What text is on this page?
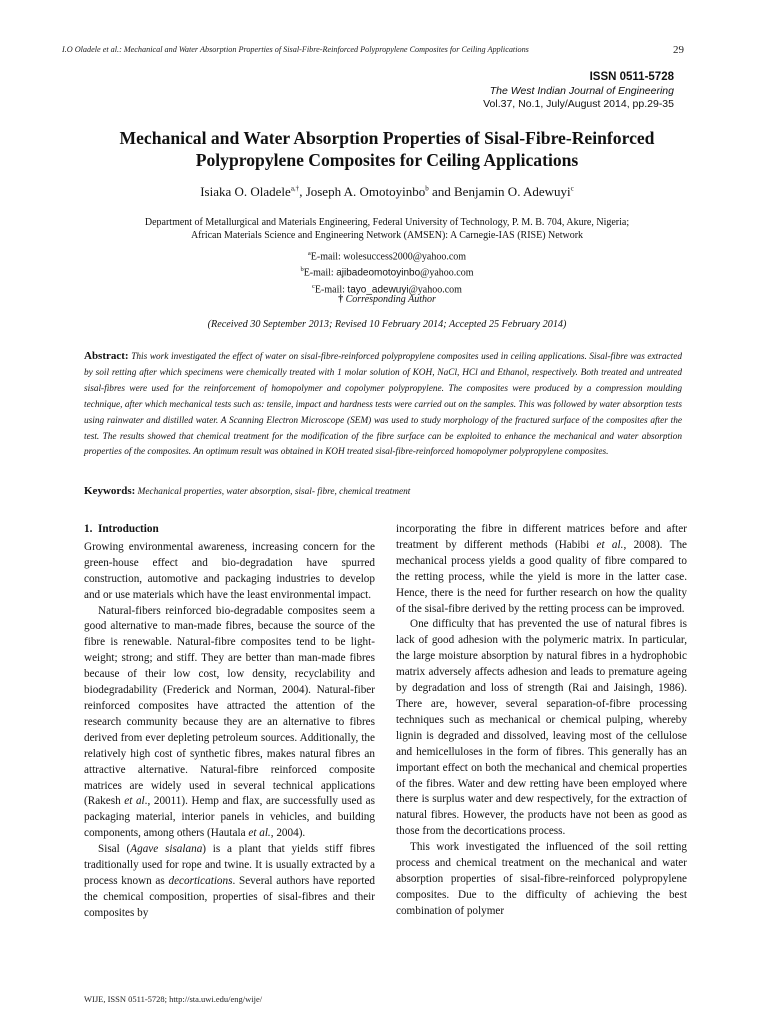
I.O Oladele et al.: Mechanical and Water Absorption Properties of Sisal-Fibre-Reinforced Polypropylene Composites for Ceiling Applications	29
ISSN 0511-5728
The West Indian Journal of Engineering
Vol.37, No.1, July/August 2014, pp.29-35
Mechanical and Water Absorption Properties of Sisal-Fibre-Reinforced
Polypropylene Composites for Ceiling Applications
Isiaka O. Oladele$^{a,\dagger}$, Joseph A. Omotoyinbo$^b$ and Benjamin O. Adewuyi$^c$
Department of Metallurgical and Materials Engineering, Federal University of Technology, P. M. B. 704, Akure, Nigeria;
African Materials Science and Engineering Network (AMSEN): A Carnegie-IAS (RISE) Network
$^a$E-mail: wolesuccess2000@yahoo.com
$^b$E-mail: ajibadeomotoyinbo@yahoo.com
$^c$E-mail: tayo_adewuyi@yahoo.com
† Corresponding Author
(Received 30 September 2013; Revised 10 February 2014; Accepted 25 February 2014)
Abstract: This work investigated the effect of water on sisal-fibre-reinforced polypropylene composites used in ceiling applications. Sisal-fibre was extracted by soil retting after which specimens were chemically treated with 1 molar solution of KOH, NaCl, HCl and Ethanol, respectively. Both treated and untreated sisal-fibres were used for the reinforcement of homopolymer and copolymer polypropylene. The composites were produced by a compression moulding technique, after which mechanical tests such as: tensile, impact and hardness tests were carried out on the samples. This was followed by water absorption tests using rainwater and distilled water. A Scanning Electron Microscope (SEM) was used to study morphology of the fractured surface of the composites after the test. The results showed that chemical treatment for the modification of the fibre surface can be exploited to enhance the mechanical and water absorption properties of the composites. An optimum result was obtained in KOH treated sisal-fibre-reinforced homopolymer polypropylene composites.
Keywords: Mechanical properties, water absorption, sisal- fibre, chemical treatment
1.  Introduction

Growing environmental awareness, increasing concern for the green-house effect and bio-degradation have spurred construction, automotive and packaging industries to develop and or use materials which have the least environmental impact.

Natural-fibers reinforced bio-degradable composites seem a good alternative to man-made fibres, because the source of the fibre is renewable. Natural-fibre composites tend to be light-weight; strong; and stiff. They are better than man-made fibres because of their low cost, low density, recyclability and biodegradability (Frederick and Norman, 2004). Natural-fiber reinforced composites have attracted the attention of the research community because they are an alternative to fibres derived from ever depleting petroleum sources. Additionally, the relatively high cost of synthetic fibres, makes natural fibres an attractive alternative. Natural-fibre reinforced composite matrices are widely used in several technical applications (Rakesh et al., 20011). Hemp and flax, are successfully used as packaging material, interior panels in vehicles, and building components, among others (Hautala et al., 2004).

Sisal (Agave sisalana) is a plant that yields stiff fibres traditionally used for rope and twine. It is usually extracted by a process known as decortications. Several authors have reported the chemical composition, properties of sisal-fibres and their composites by

incorporating the fibre in different matrices before and after treatment by different methods (Habibi et al., 2008). The mechanical process yields a good quality of fibre compared to the retting process, while the yield is more in the latter case. Hence, there is the need for further research on how the quality of the sisal-fibre derived by the retting process can be improved.

One difficulty that has prevented the use of natural fibres is lack of good adhesion with the polymeric matrix. In particular, the large moisture absorption by natural fibres in a hydrophobic matrix adversely affects adhesion and leads to premature ageing by degradation and loss of strength (Rai and Jaisingh, 1986). There are, however, several separation-of-fibre processing techniques such as mechanical or chemical pulping, whereby lignin is degraded and dissolved, leaving most of the cellulose and hemicelluloses in the form of fibres. This generally has an important effect on both the mechanical and chemical properties of the fibres. Water and dew retting have been employed where there is surplus water and dew respectively, for the extraction of natural fibres. However, the products have not been as good as those from the decortications process.

This work investigated the influenced of the soil retting process and chemical treatment on the mechanical and water absorption properties of sisal-fibre-reinforced polypropylene composites. Due to the difficulty of achieving the best combination of polymer

WIJE, ISSN 0511-5728; http://sta.uwi.edu/eng/wije/
